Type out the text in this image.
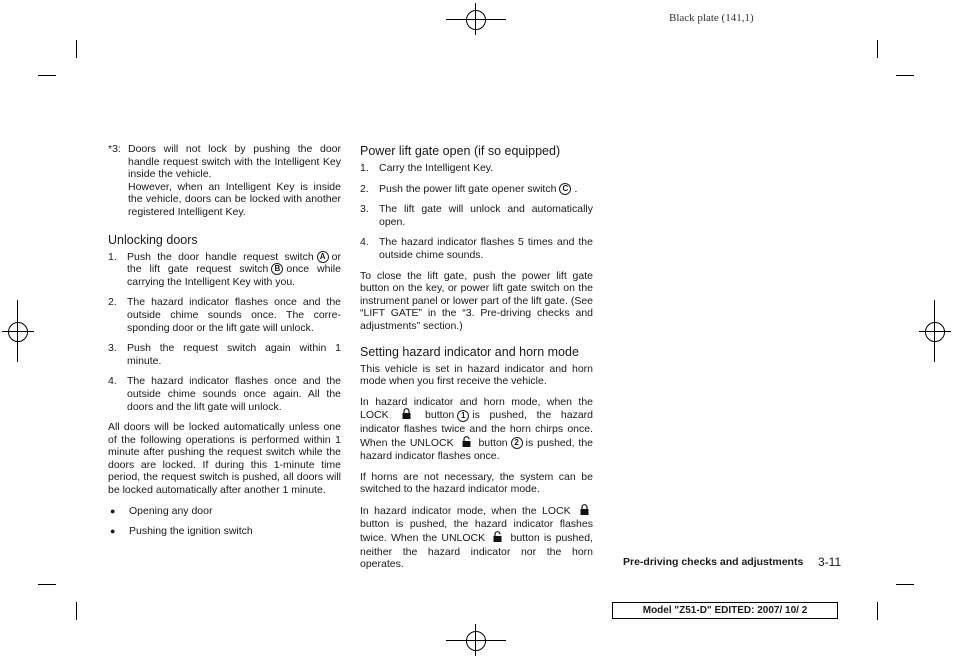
Black plate (141,1)
*3: Doors will not lock by pushing the door handle request switch with the Intelligent Key inside the vehicle.

However, when an Intelligent Key is inside the vehicle, doors can be locked with another registered Intelligent Key.

Unlocking doors
1. Push the door handle request switch A or the lift gate request switch B once while carrying the Intelligent Key with you.
2. The hazard indicator flashes once and the outside chime sounds once. The corre- sponding door or the lift gate will unlock.
3. Push the request switch again within 1 minute.
4. The hazard indicator flashes once and the outside chime sounds once again. All the doors and the lift gate will unlock.

All doors will be locked automatically unless one of the following operations is performed within 1 minute after pushing the request switch while the doors are locked. If during this 1-minute time period, the request switch is pushed, all doors will be locked automatically after another 1 minute.

●	Opening any door
●	Pushing the ignition switch
Power lift gate open (if so equipped)
1. Carry the Intelligent Key.
2. Push the power lift gate opener switch C .
3. The lift gate will unlock and automatically open.
4. The hazard indicator flashes 5 times and the outside chime sounds.

To close the lift gate, push the power lift gate button on the key, or power lift gate switch on the instrument panel or lower part of the lift gate. (See “LIFT GATE” in the “3. Pre-driving checks and adjustments” section.)

Setting hazard indicator and horn mode

This vehicle is set in hazard indicator and horn mode when you first receive the vehicle.

In hazard indicator and horn mode, when the LOCK	button 1 is pushed, the hazard indicator flashes twice and the horn chirps once. When the UNLOCK button 2 is pushed, the hazard indicator flashes once.

If horns are not necessary, the system can be switched to the hazard indicator mode.

In hazard indicator mode, when the LOCK  button is pushed, the hazard indicator flashes twice. When the UNLOCK button is pushed, neither the hazard indicator nor the horn operates.	Pre-driving checks and adjustments 3-11
Model "Z51-D" EDITED: 2007/ 10/ 2
